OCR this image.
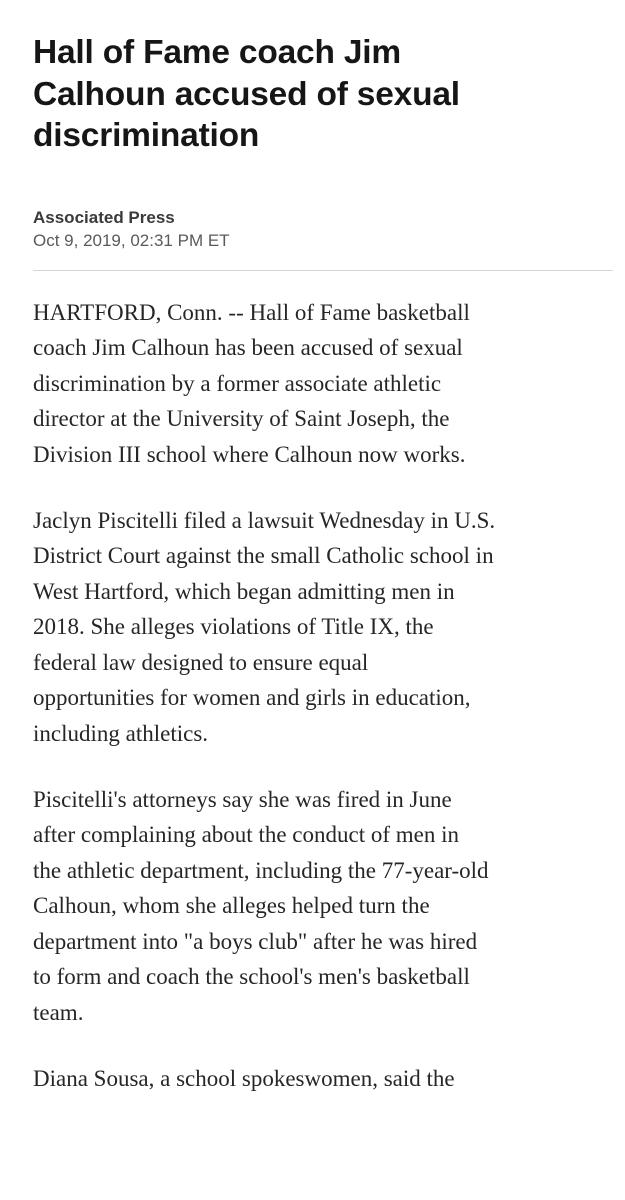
Hall of Fame coach Jim
Calhoun accused of sexual
discrimination
Associated Press
Oct 9, 2019, 02:31 PM ET

HARTFORD, Conn. -- Hall of Fame basketball
coach Jim Calhoun has been accused of sexual
discrimination by a former associate athletic
director at the University of Saint Joseph, the
Division III school where Calhoun now works.

Jaclyn Piscitelli filed a lawsuit Wednesday in U.S.
District Court against the small Catholic school in
West Hartford, which began admitting men in
2018. She alleges violations of Title IX, the
federal law designed to ensure equal
opportunities for women and girls in education,
including athletics.

Piscitelli's attorneys say she was fired in June
after complaining about the conduct of men in
the athletic department, including the 77-year-old
Calhoun, whom she alleges helped turn the
department into "a boys club" after he was hired
to form and coach the school's men's basketball
team.

Diana Sousa, a school spokeswomen, said the
